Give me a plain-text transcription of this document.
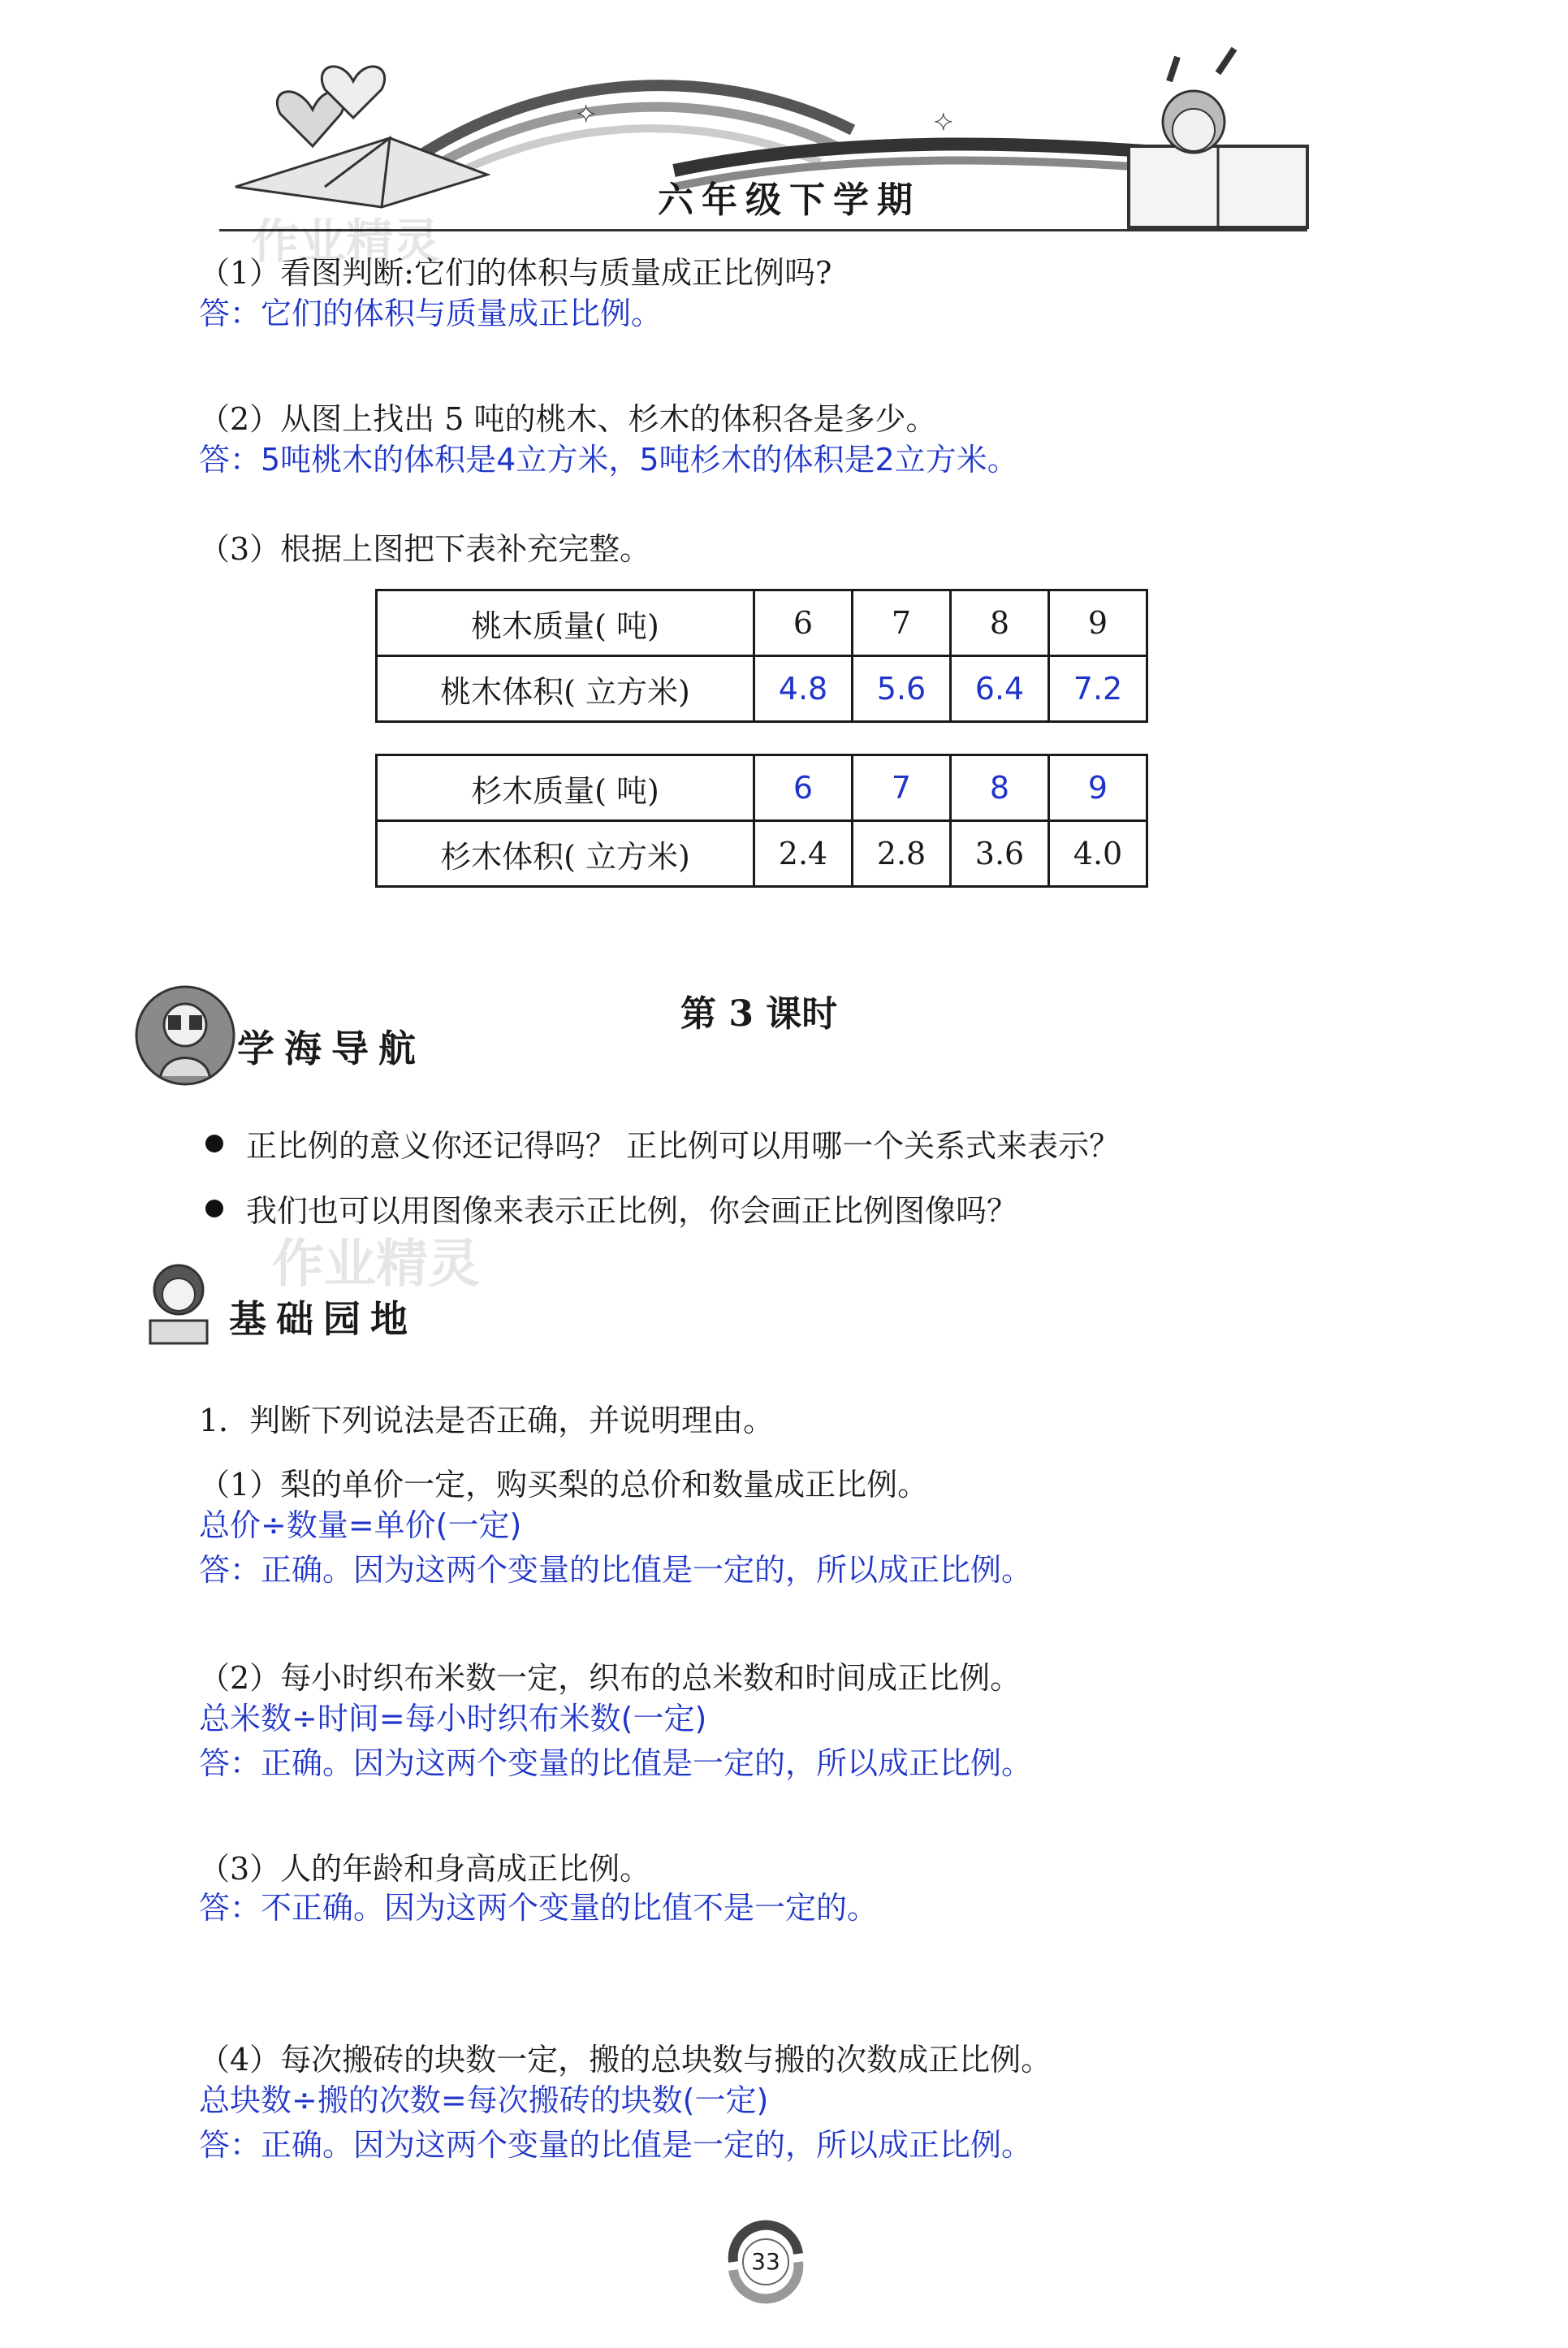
✦	✦
六年级下学期
作业精灵
作业精灵
（1）看图判断:它们的体积与质量成正比例吗?
答：它们的体积与质量成正比例。
（2）从图上找出 5 吨的桃木、杉木的体积各是多少。
答：5吨桃木的体积是4立方米，5吨杉木的体积是2立方米。
（3）根据上图把下表补充完整。
桃木质量( 吨)	6	7	8	9
桃木体积( 立方米)	4.8	5.6	6.4	7.2
杉木质量( 吨)	6	7	8	9
杉木体积( 立方米)	2.4	2.8	3.6	4.0
第 3 课时
学海导航
正比例的意义你还记得吗？ 正比例可以用哪一个关系式来表示？
我们也可以用图像来表示正比例，你会画正比例图像吗？
基础园地
1．判断下列说法是否正确，并说明理由。
（1）梨的单价一定，购买梨的总价和数量成正比例。
总价÷数量=单价(一定)
答：正确。因为这两个变量的比值是一定的，所以成正比例。
（2）每小时织布米数一定，织布的总米数和时间成正比例。
总米数÷时间=每小时织布米数(一定)
答：正确。因为这两个变量的比值是一定的，所以成正比例。
（3）人的年龄和身高成正比例。
答：不正确。因为这两个变量的比值不是一定的。
（4）每次搬砖的块数一定，搬的总块数与搬的次数成正比例。
总块数÷搬的次数=每次搬砖的块数(一定)
答：正确。因为这两个变量的比值是一定的，所以成正比例。
33
